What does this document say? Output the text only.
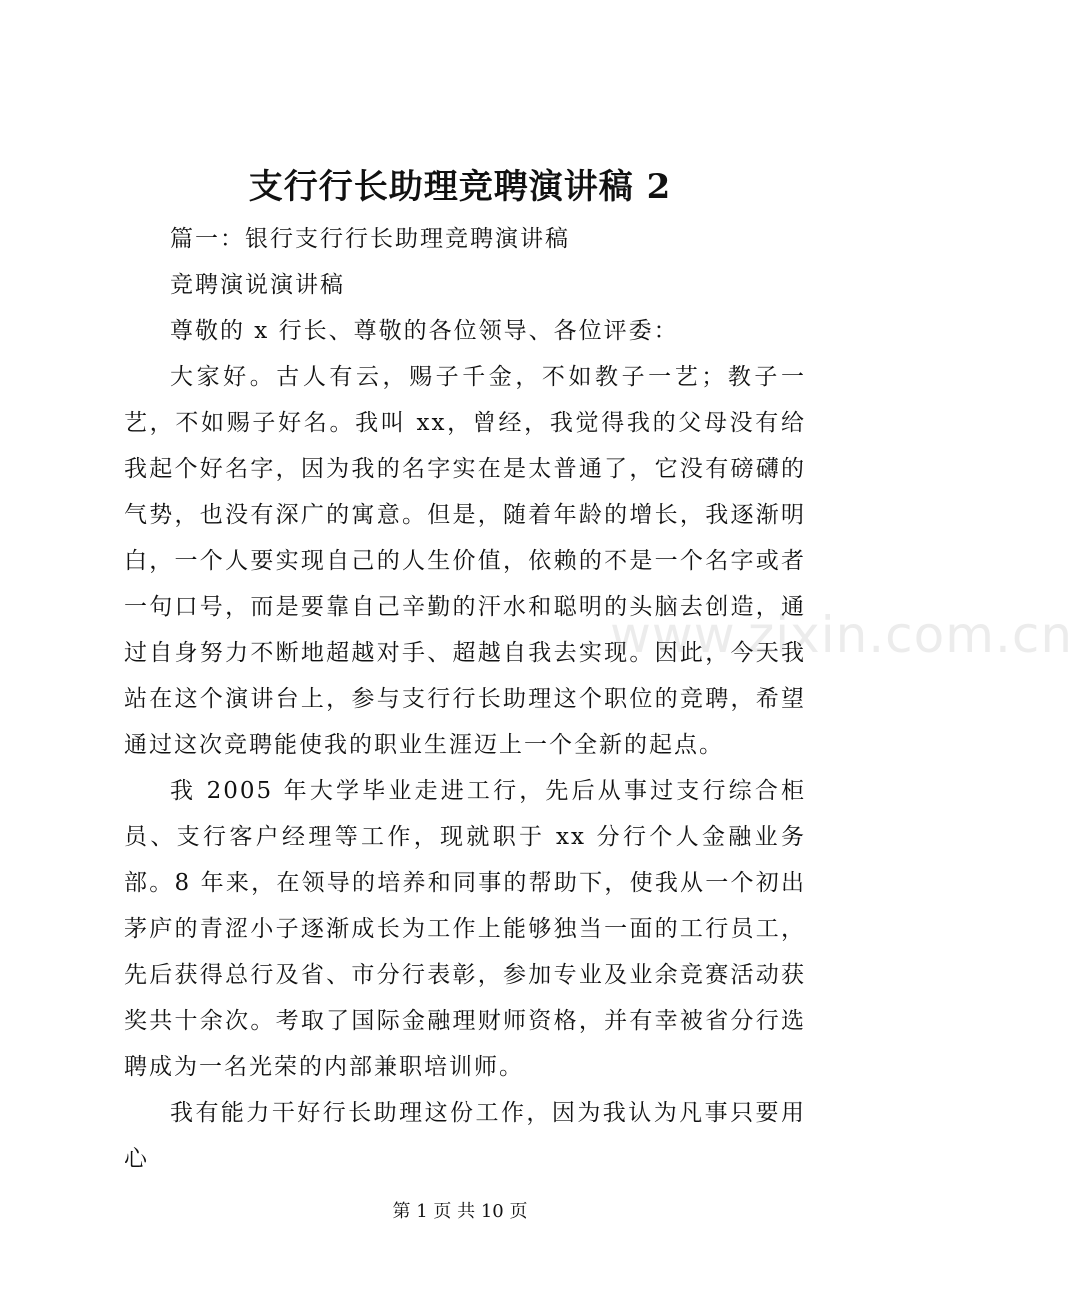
支行行长助理竞聘演讲稿 2

篇一：银行支行行长助理竞聘演讲稿

竞聘演说演讲稿

尊敬的 x 行长、尊敬的各位领导、各位评委：

大家好。古人有云，赐子千金，不如教子一艺；教子一艺，不如赐子好名。我叫 xx，曾经，我觉得我的父母没有给我起个好名字，因为我的名字实在是太普通了，它没有磅礴的气势，也没有深广的寓意。但是，随着年龄的增长，我逐渐明白，一个人要实现自己的人生价值，依赖的不是一个名字或者一句口号，而是要靠自己辛勤的汗水和聪明的头脑去创造，通过自身努力不断地超越对手、超越自我去实现。因此，今天我站在这个演讲台上，参与支行行长助理这个职位的竞聘，希望通过这次竞聘能使我的职业生涯迈上一个全新的起点。

我 2005 年大学毕业走进工行，先后从事过支行综合柜员、支行客户经理等工作，现就职于 xx 分行个人金融业务部。8 年来，在领导的培养和同事的帮助下，使我从一个初出茅庐的青涩小子逐渐成长为工作上能够独当一面的工行员工，先后获得总行及省、市分行表彰，参加专业及业余竞赛活动获奖共十余次。考取了国际金融理财师资格，并有幸被省分行选聘成为一名光荣的内部兼职培训师。

我有能力干好行长助理这份工作，因为我认为凡事只要用心

www.zixin.com.cn
第 1 页 共 10 页
